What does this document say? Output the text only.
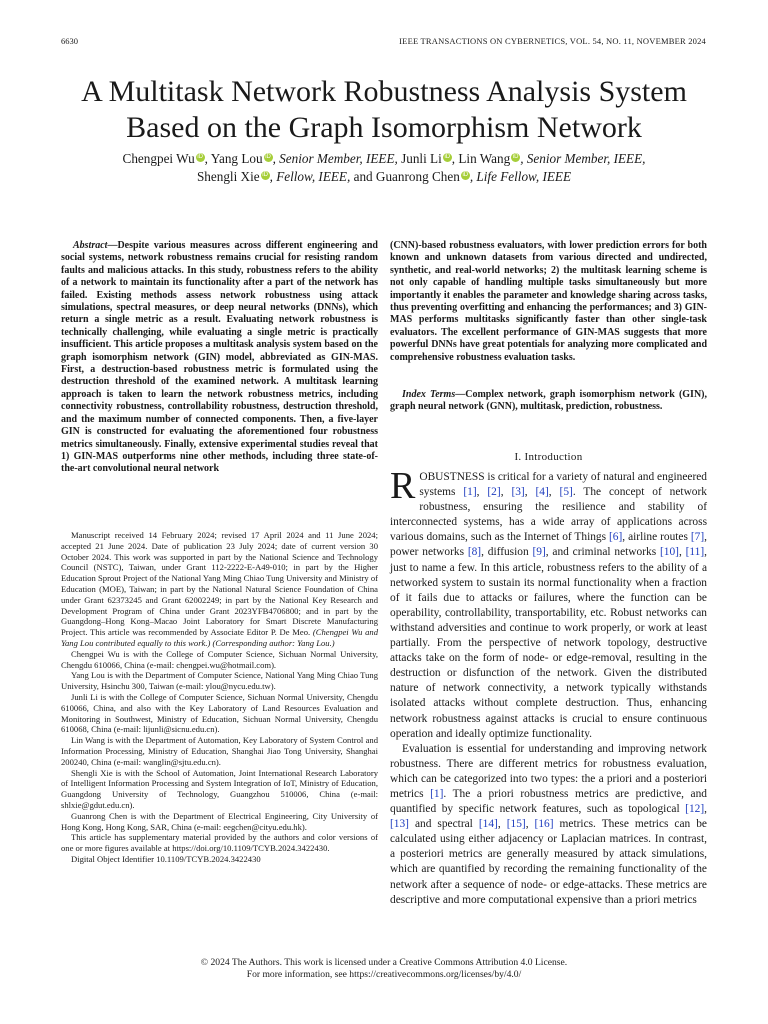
6630	IEEE TRANSACTIONS ON CYBERNETICS, VOL. 54, NO. 11, NOVEMBER 2024
A Multitask Network Robustness Analysis System
Based on the Graph Isomorphism Network
Chengpei Wu iD , Yang Lou iD , Senior Member, IEEE, Junli Li iD , Lin Wang iD , Senior Member, IEEE,
Shengli Xie iD , Fellow, IEEE, and Guanrong Chen iD , Life Fellow, IEEE
Abstract—Despite various measures across different engineering and social systems, network robustness remains crucial for resisting random faults and malicious attacks. In this study, robustness refers to the ability of a network to maintain its functionality after a part of the network has failed. Existing methods assess network robustness using attack simulations, spectral measures, or deep neural networks (DNNs), which return a single metric as a result. Evaluating network robustness is technically challenging, while evaluating a single metric is practically insufficient. This article proposes a multitask analysis system based on the graph isomorphism network (GIN) model, abbreviated as GIN-MAS. First, a destruction-based robustness metric is formulated using the destruction threshold of the examined network. A multitask learning approach is taken to learn the network robustness metrics, including connectivity robustness, controllability robustness, destruction threshold, and the maximum number of connected components. Then, a five-layer GIN is constructed for evaluating the aforementioned four robustness metrics simultaneously. Finally, extensive experimental studies reveal that 1) GIN-MAS outperforms nine other methods, including three state-of-the-art convolutional neural network

Manuscript received 14 February 2024; revised 17 April 2024 and 11 June 2024; accepted 21 June 2024. Date of publication 23 July 2024; date of current version 30 October 2024. This work was supported in part by the National Science and Technology Council (NSTC), Taiwan, under Grant 112-2222-E-A49-010; in part by the Higher Education Sprout Project of the National Yang Ming Chiao Tung University and Ministry of Education (MOE), Taiwan; in part by the National Natural Science Foundation of China under Grant 62373245 and Grant 62002249; in part by the National Key Research and Development Program of China under Grant 2023YFB4706800; and in part by the Guangdong–Hong Kong–Macao Joint Laboratory for Smart Discrete Manufacturing Project. This article was recommended by Associate Editor P. De Meo. (Chengpei Wu and Yang Lou contributed equally to this work.) (Corresponding author: Yang Lou.)

Chengpei Wu is with the College of Computer Science, Sichuan Normal University, Chengdu 610066, China (e-mail: chengpei.wu@hotmail.com).

Yang Lou is with the Department of Computer Science, National Yang Ming Chiao Tung University, Hsinchu 300, Taiwan (e-mail: ylou@nycu.edu.tw).

Junli Li is with the College of Computer Science, Sichuan Normal University, Chengdu 610066, China, and also with the Key Laboratory of Land Resources Evaluation and Monitoring in Southwest, Ministry of Education, Sichuan Normal University, Chengdu 610068, China (e-mail: lijunli@sicnu.edu.cn).

Lin Wang is with the Department of Automation, Key Laboratory of System Control and Information Processing, Ministry of Education, Shanghai Jiao Tong University, Shanghai 200240, China (e-mail: wanglin@sjtu.edu.cn).

Shengli Xie is with the School of Automation, Joint International Research Laboratory of Intelligent Information Processing and System Integration of IoT, Ministry of Education, Guangdong University of Technology, Guangzhou 510006, China (e-mail: shlxie@gdut.edu.cn).

Guanrong Chen is with the Department of Electrical Engineering, City University of Hong Kong, Hong Kong, SAR, China (e-mail: eegchen@cityu.edu.hk).

This article has supplementary material provided by the authors and color versions of one or more figures available at https://doi.org/10.1109/TCYB.2024.3422430.

Digital Object Identifier 10.1109/TCYB.2024.3422430

(CNN)-based robustness evaluators, with lower prediction errors for both known and unknown datasets from various directed and undirected, synthetic, and real-world networks; 2) the multitask learning scheme is not only capable of handling multiple tasks simultaneously but more importantly it enables the parameter and knowledge sharing across tasks, thus preventing overfitting and enhancing the performances; and 3) GIN-MAS performs multitasks significantly faster than other single-task evaluators. The excellent performance of GIN-MAS suggests that more powerful DNNs have great potentials for analyzing more complicated and comprehensive robustness evaluation tasks.
Index Terms—Complex network, graph isomorphism network (GIN), graph neural network (GNN), multitask, prediction, robustness.
I. Introduction

ROBUSTNESS is critical for a variety of natural and engineered systems [1], [2], [3], [4], [5]. The concept of network robustness, ensuring the resilience and stability of interconnected systems, has a wide array of applications across various domains, such as the Internet of Things [6], airline routes [7], power networks [8], diffusion [9], and criminal networks [10], [11], just to name a few. In this article, robustness refers to the ability of a networked system to sustain its normal functionality when a fraction of it fails due to attacks or failures, where the function can be operability, controllability, transportability, etc. Robust networks can withstand adversities and continue to work properly, or work at least partially. From the perspective of network topology, destructive attacks take on the form of node- or edge-removal, resulting in the destruction or disfunction of the network. Given the distributed nature of network connectivity, a network typically withstands isolated attacks without complete destruction. Thus, enhancing network robustness against attacks is crucial to ensure continuous operation and ideally optimize functionality.

Evaluation is essential for understanding and improving network robustness. There are different metrics for robustness evaluation, which can be categorized into two types: the a priori and a posteriori metrics [1]. The a priori robustness metrics are predictive, and quantified by specific network features, such as topological [12], [13] and spectral [14], [15], [16] metrics. These metrics can be calculated using either adjacency or Laplacian matrices. In contrast, a posteriori metrics are generally measured by attack simulations, which are quantified by recording the remaining functionality of the network after a sequence of node- or edge-attacks. These metrics are descriptive and more computational expensive than a priori metrics

© 2024 The Authors. This work is licensed under a Creative Commons Attribution 4.0 License.
For more information, see https://creativecommons.org/licenses/by/4.0/
